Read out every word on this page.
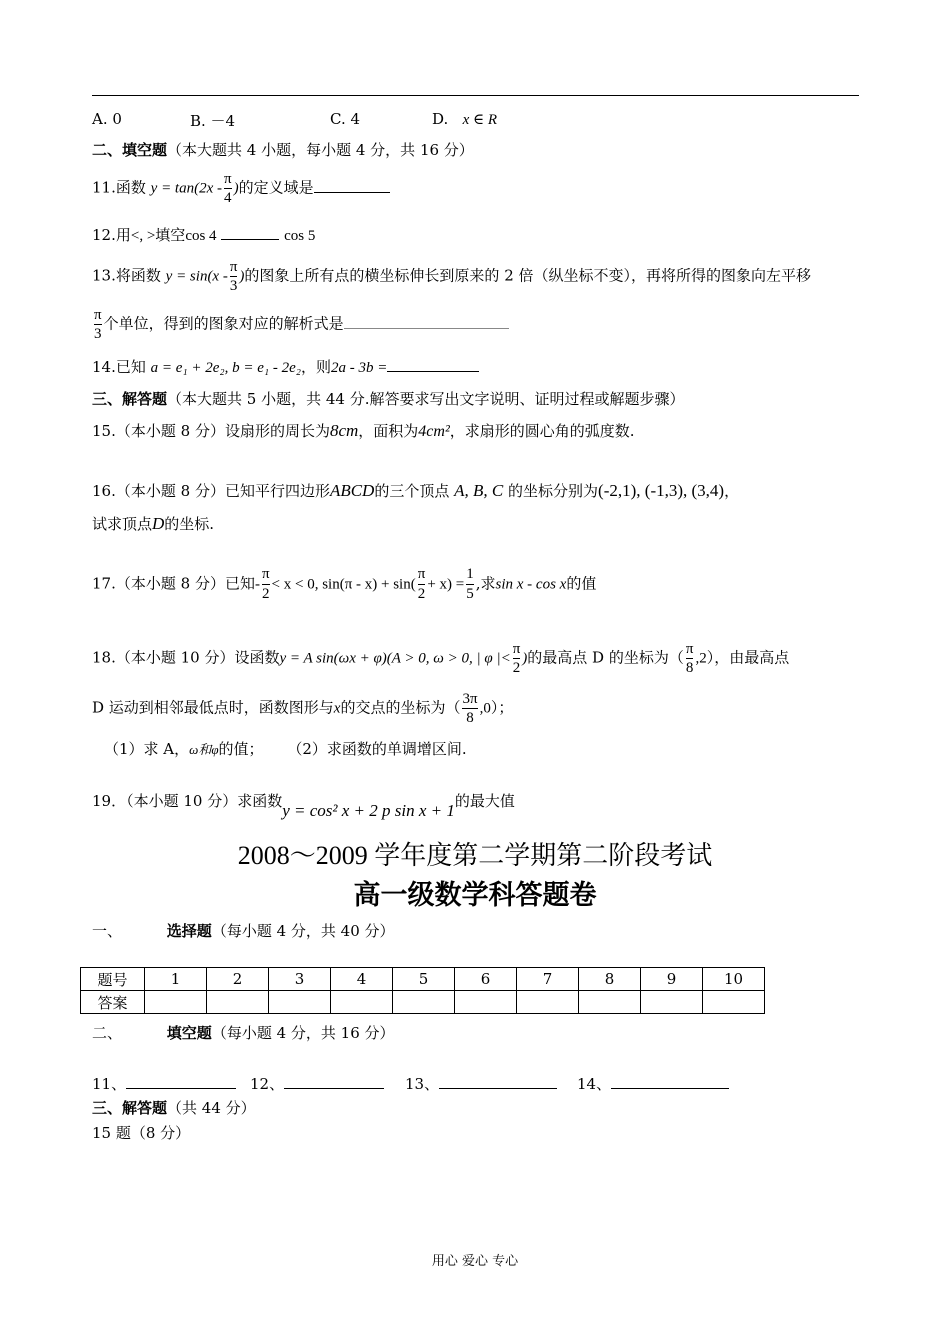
A. 0	B. －4	C. 4	D. x ∈ R
二、填空题（本大题共 4 小题，每小题 4 分，共 16 分）
11.函数 $y = \tan(2x - \frac{\pi}{4}$ )的定义域是
12.用<, >填空cos 4	cos 5
13.将函数 $y = \sin(x - \frac{\pi}{3}$ )的图象上所有点的横坐标伸长到原来的 2 倍（纵坐标不变），再将所得的图象向左平移
$\frac{\pi}{3}$ 个单位，得到的图象对应的解析式是
14.已知 a = e₁ + 2e₂, b = e₁ - 2e₂，则2a - 3b =
三、解答题（本大题共 5 小题，共 44 分.解答要求写出文字说明、证明过程或解题步骤）
15.（本小题 8 分）设扇形的周长为8cm，面积为4cm²，求扇形的圆心角的弧度数.
16.（本小题 8 分）已知平行四边形ABCD的三个顶点 A, B, C 的坐标分别为(-2,1), (-1,3), (3,4)，
试求顶点D的坐标.
17.（本小题 8 分）已知- $\frac{\pi}{2} < x < 0$, $\sin(\pi - x) + \sin( \frac{\pi}{2} + x) = \frac{1}{5}$ ,求sin x - cos x的值
18.（本小题 10 分）设函数y = A sin(ωx + φ)(A > 0, ω > 0, | φ |< $\frac{\pi}{2}$ )的最高点 D 的坐标为（ $\frac{\pi}{8} ,2$），由最高点
D 运动到相邻最低点时，函数图形与x的交点的坐标为（ $\frac{3\pi}{8} ,0$）；
（1）求 A，ω和φ的值； （2）求函数的单调增区间.
19．（本小题 10 分）求函数y = cos² x + 2 p sin x + 1的最大值
2008～2009 学年度第二学期第二阶段考试
高一级数学科答题卷
一、	选择题（每小题 4 分，共 40 分）
题号	1	2	3	4	5	6	7	8	9	10
答案										
二、	填空题（每小题 4 分，共 16 分）
11、	12、	13、	14、
三、解答题（共 44 分）
15 题（8 分）
用心 爱心 专心
